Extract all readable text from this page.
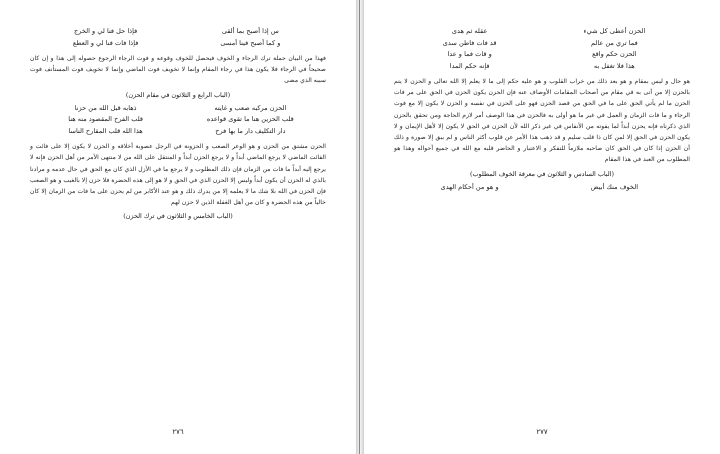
س إذا أصبح بما ألقى
فإذا حل فنا لي و الخرج
و كما أصبح فينا أمسى
فإذا فات فنا لي و العطع
فهذا من البيان جملة ترك الرجاء و الخوف فيحصل للخوف وقوعه و فوت الرجاء الرجوع حصوله إلى هذا و إن كان صحيحاً في الرجاء فلا يكون هذا في رجاء المقام وإنما لا تخويف فوت الماضي وإنما لا تخويف فوت المستأنف فوت سببه الذي مضى
(الباب الرابع و الثلاثون في مقام الحزن)
الحزن مركبه صعب و غايته
ذهابه قبل الله من حزنا
قلب الحزين هنا ما تقوى قواعده
قلب الفرح المقصود منه هنا
دار التكليف دار ما بها فرح
هذا الله قلب المقارح الناسا
الحزن مشتق من الحزن و هو الوعر الصعب و الحزونة في الرجل عصوبة أخلاقه و الحزن لا يكون إلا على فائت و الفائت الماضي لا يرجع الماضي أبداً و لا يرجع الحزن أبداً و المنتقل على الله من لا منتهى الأمر من أهل الحزن فإنه لا يرجع إليه أبداً ما فات من الزمان فإن ذلك المطلوب و لا يرجع ما في الأزل الذي كان مع الحق في حال عدمه و مرادنا بالذي له الحزن أن يكون أبداً وليس إلا الحزن الذي في الحق و لا هو إلى هذه الحضرة فلا حزن إلا بالغيب و هو الصعب فإن الحزن في الله بلا شك ما لا يعلمه إلا من يدرك ذلك و هو عند الأكابر من لم يحزن على ما فات من الزمان إلا كان خالياً من هذه الحضرة و كان من أهل الغفلة الذين لا حزن لهم
(الباب الخامس و الثلاثون في ترك الحزن)
٢٧٦
الحزن أعطى كل شيء
عقله ثم هدى
فما تري من عالم
قد فات فاطن سدى
الحزن حكم واقع
و قات فما و عدا
هذا فلا تغفل به
فإنه حكم المدا
هو حال و ليس بمقام و هو بعد ذلك من خراب القلوب و هو عليه حكم إلى ما لا يعلم إلا الله تعالى و الحزن لا يتم بالحزن إلا من أتى به في مقام من أصحاب المقامات الأوصاف عنه فإن الحزن يكون الحزن في الحق على مر فات الحزن ما لم يأتي الحق على ما في الحق من قصد الحزن فهو على الحزن في نفسه و الحزن لا يكون إلا مع فوت الرجاء و ما فات الزمان و العمل في غير ما هو أولى به فالحزن في هذا الوصف أمر لازم الحاجة ومن تحقق بالحزن الذي ذكرناه فإنه يحزن أبداً لما يفوته من الأنفاس في غير ذكر الله لأن الحزن في الحق لا يكون إلا لأهل الإيمان و لا يكون الحزن في الحق إلا لمن كان ذا قلب سليم و قد ذهب هذا الأمر عن قلوب أكثر الناس و لم يبق إلا صورة و ذلك أن الحزن إذا كان في الحق كان صاحبه ملازماً للتفكر و الاعتبار و الحاضر قلبه مع الله في جميع أحواله وهذا هو المطلوب من العبد في هذا المقام
(الباب السادس و الثلاثون في معرفة الخوف المطلوب)
الخوف منك أبيض
و هو من أحكام الهدى
٢٧٧
